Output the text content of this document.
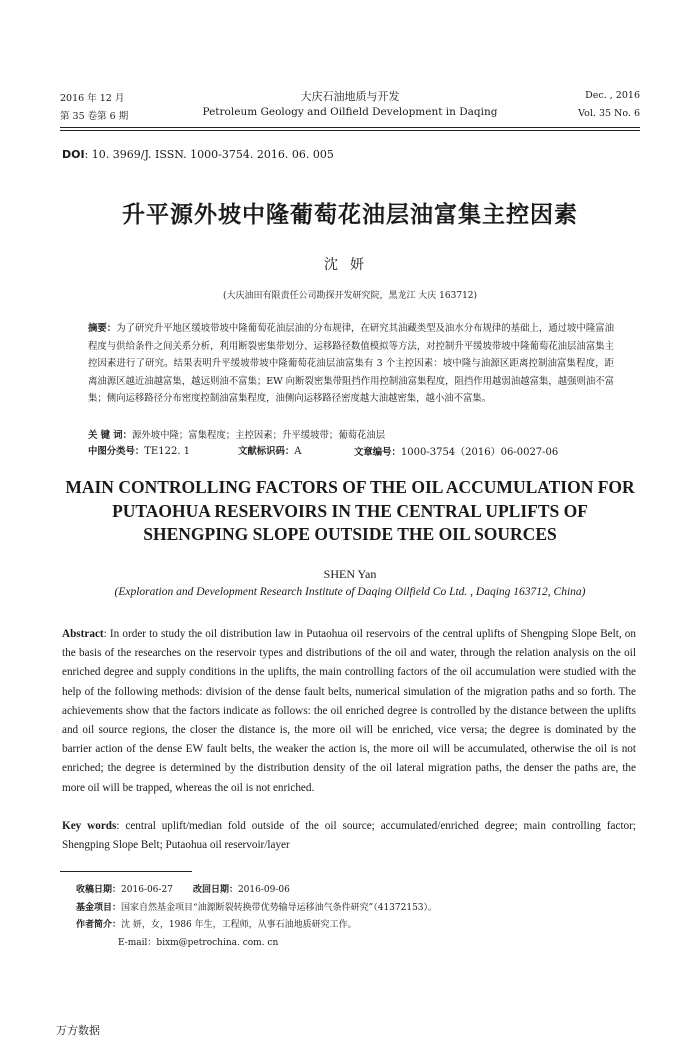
2016 年 12 月
第 35 卷第 6 期
大庆石油地质与开发
Petroleum Geology and Oilfield Development in Daqing
Dec. , 2016
Vol. 35 No. 6
DOI: 10. 3969/J. ISSN. 1000-3754. 2016. 06. 005
升平源外坡中隆葡萄花油层油富集主控因素
沈妍
(大庆油田有限责任公司勘探开发研究院，黑龙江 大庆 163712)
摘要：为了研究升平地区缓坡带坡中隆葡萄花油层油的分布规律，在研究其油藏类型及油水分布规律的基础上，通过坡中隆富油程度与供给条件之间关系分析，利用断裂密集带划分、运移路径数值模拟等方法，对控制升平缓坡带坡中隆葡萄花油层油富集主控因素进行了研究。结果表明升平缓坡带坡中隆葡萄花油层油富集有 3 个主控因素：坡中隆与油源区距离控制油富集程度，距离油源区越近油越富集，越远则油不富集；EW 向断裂密集带阻挡作用控制油富集程度，阻挡作用越弱油越富集，越强则油不富集；侧向运移路径分布密度控制油富集程度，油侧向运移路径密度越大油越密集，越小油不富集。
关 键 词：源外坡中隆；富集程度；主控因素；升平缓坡带；葡萄花油层
中图分类号：TE122. 1	文献标识码：A	文章编号：1000-3754（2016）06-0027-06
MAIN CONTROLLING FACTORS OF THE OIL ACCUMULATION FOR PUTAOHUA RESERVOIRS IN THE CENTRAL UPLIFTS OF SHENGPING SLOPE OUTSIDE THE OIL SOURCES
SHEN Yan
(Exploration and Development Research Institute of Daqing Oilfield Co Ltd. , Daqing 163712, China)
Abstract: In order to study the oil distribution law in Putaohua oil reservoirs of the central uplifts of Shengping Slope Belt, on the basis of the researches on the reservoir types and distributions of the oil and water, through the relation analysis on the oil enriched degree and supply conditions in the uplifts, the main controlling factors of the oil accumulation were studied with the help of the following methods: division of the dense fault belts, numerical simulation of the migration paths and so forth. The achievements show that the factors indicate as follows: the oil enriched degree is controlled by the distance between the uplifts and oil source regions, the closer the distance is, the more oil will be enriched, vice versa; the degree is dominated by the barrier action of the dense EW fault belts, the weaker the action is, the more oil will be accumulated, otherwise the oil is not enriched; the degree is determined by the distribution density of the oil lateral migration paths, the denser the paths are, the more oil will be trapped, whereas the oil is not enriched.
Key words: central uplift/median fold outside of the oil source; accumulated/enriched degree; main controlling factor; Shengping Slope Belt; Putaohua oil reservoir/layer
收稿日期：2016-06-27 改回日期：2016-09-06
基金项目：国家自然基金项目“油源断裂转换带优势输导运移油气条件研究”（41372153）。
作者简介：沈 妍，女，1986 年生，工程师，从事石油地质研究工作。
E-mail：bixm@petrochina. com. cn
万方数据
